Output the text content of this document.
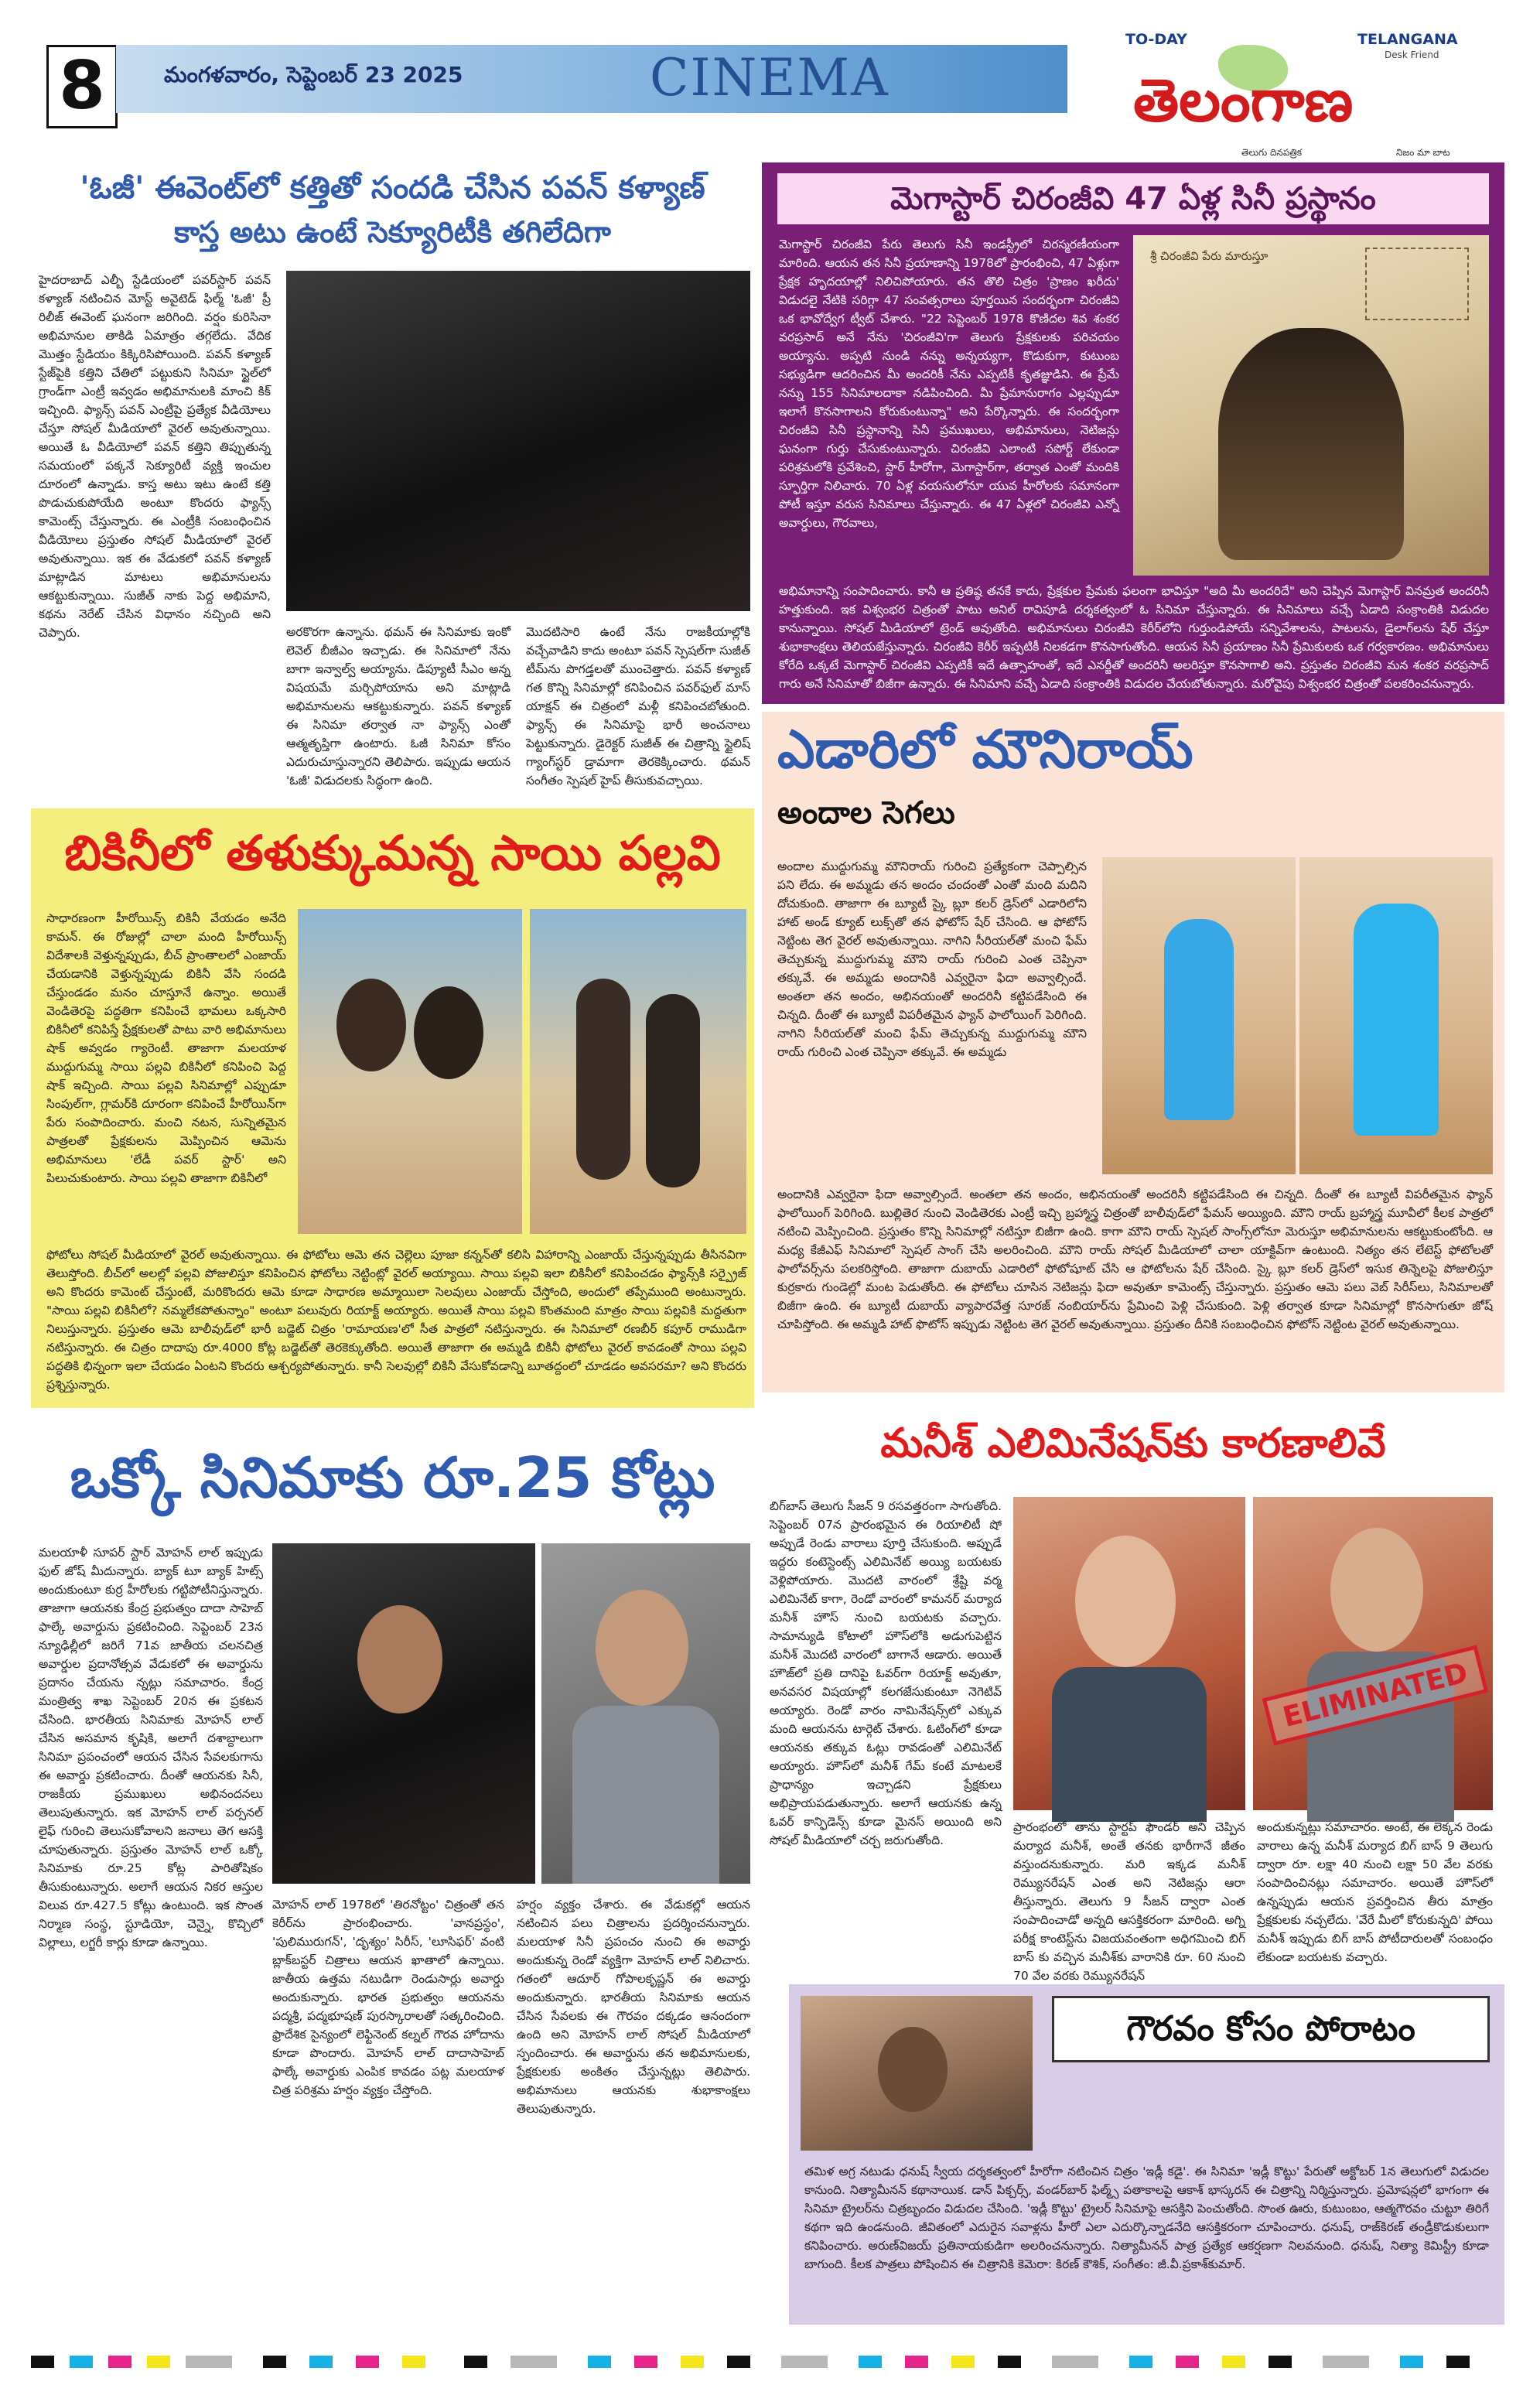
8	మంగళవారం, సెప్టెంబర్ 23 2025	CINEMA
TO-DAY	TELANGANA
Desk Friend
తెలంగాణ
తెలుగు దినపత్రిక	నిజం మా బాట
'ఓజీ' ఈవెంట్‌లో కత్తితో సందడి చేసిన పవన్ కళ్యాణ్
కాస్త అటు ఉంటే సెక్యూరిటీకి తగిలేదిగా
హైదరాబాద్ ఎల్బీ స్టేడియంలో పవర్‌స్టార్ పవన్ కళ్యాణ్ నటించిన మోస్ట్ అవైటెడ్ ఫిల్మ్ 'ఓజీ' ప్రీ రిలీజ్ ఈవెంట్ ఘనంగా జరిగింది. వర్షం కురిసినా అభిమానుల తాకిడి ఏమాత్రం తగ్గలేదు. వేదిక మొత్తం స్టేడియం కిక్కిరిసిపోయింది. పవన్ కళ్యాణ్ స్టేజ్‌పైకి కత్తిని చేతిలో పట్టుకుని సినిమా స్టైల్‌లో గ్రాండ్‌గా ఎంట్రీ ఇవ్వడం అభిమానులకి మాంచి కిక్ ఇచ్చింది. ఫ్యాన్స్ పవన్ ఎంట్రీపై ప్రత్యేక వీడియోలు చేస్తూ సోషల్ మీడియాలో వైరల్ అవుతున్నాయి. అయితే ఓ వీడియోలో పవన్ కత్తిని తిప్పుతున్న సమయంలో పక్కనే సెక్యూరిటీ వ్యక్తి ఇంచుల దూరంలో ఉన్నాడు. కాస్త అటు ఇటు ఉంటే కత్తి పొడుచుకుపోయేది అంటూ కొందరు ఫ్యాన్స్ కామెంట్స్ చేస్తున్నారు. ఈ ఎంట్రీకి సంబంధించిన వీడియోలు ప్రస్తుతం సోషల్ మీడియాలో వైరల్ అవుతున్నాయి. ఇక ఈ వేడుకలో పవన్ కళ్యాణ్ మాట్లాడిన మాటలు అభిమానులను ఆకట్టుకున్నాయి. సుజీత్ నాకు పెద్ద అభిమాని, కథను నెరేట్ చేసిన విధానం నచ్చింది అని చెప్పారు.	అరకొరగా ఉన్నాను. థమన్ ఈ సినిమాకు ఇంకో లెవెల్ బీజీఎం ఇచ్చాడు. ఈ సినిమాలో నేను బాగా ఇన్వాల్వ్ అయ్యాను. డిప్యూటీ సీఎం అన్న విషయమే మర్చిపోయాను అని మాట్లాడి అభిమానులను ఆకట్టుకున్నారు. పవన్ కళ్యాణ్ ఈ సినిమా తర్వాత నా ఫ్యాన్స్ ఎంతో ఆత్మతృప్తిగా ఉంటారు. ఓజీ సినిమా కోసం ఎదురుచూస్తున్నారని తెలిపారు. ఇప్పుడు ఆయన 'ఓజీ' విడుదలకు సిద్ధంగా ఉంది.
మొదటిసారి ఉంటే నేను రాజకీయాల్లోకి వచ్చేవాడిని కాదు అంటూ పవన్ స్పెషల్‌గా సుజీత్ టీమ్‌ను పొగడ్తలతో ముంచెత్తారు. పవన్ కళ్యాణ్ గత కొన్ని సినిమాల్లో కనిపించిన పవర్‌ఫుల్ మాస్ యాక్షన్ ఈ చిత్రంలో మళ్లీ కనిపించబోతుంది. ఫ్యాన్స్ ఈ సినిమాపై భారీ అంచనాలు పెట్టుకున్నారు. డైరెక్టర్ సుజీత్ ఈ చిత్రాన్ని స్టైలిష్ గ్యాంగ్‌స్టర్ డ్రామాగా తెరకెక్కించారు. థమన్ సంగీతం స్పెషల్ హైప్ తీసుకువచ్చాయి.
మెగాస్టార్ చిరంజీవి 47 ఏళ్ల సినీ ప్రస్థానం
మెగాస్టార్ చిరంజీవి పేరు తెలుగు సినీ ఇండస్ట్రీలో చిరస్మరణీయంగా మారింది. ఆయన తన సినీ ప్రయాణాన్ని 1978లో ప్రారంభించి, 47 ఏళ్లుగా ప్రేక్షక హృదయాల్లో నిలిచిపోయారు. తన తొలి చిత్రం 'ప్రాణం ఖరీదు' విడుదలై నేటికి సరిగ్గా 47 సంవత్సరాలు పూర్తయిన సందర్భంగా చిరంజీవి ఒక భావోద్వేగ ట్వీట్ చేశారు. "22 సెప్టెంబర్ 1978 కొణిదల శివ శంకర వరప్రసాద్ అనే నేను 'చిరంజీవి'గా తెలుగు ప్రేక్షకులకు పరిచయం అయ్యాను. అప్పటి నుండి నన్ను అన్నయ్యగా, కొడుకుగా, కుటుంబ సభ్యుడిగా ఆదరించిన మీ అందరికీ నేను ఎప్పటికీ కృతజ్ఞుడిని. ఈ ప్రేమే నన్ను 155 సినిమాలదాకా నడిపించింది. మీ ప్రేమానురాగం ఎల్లప్పుడూ ఇలాగే కొనసాగాలని కోరుకుంటున్నా" అని పేర్కొన్నారు. ఈ సందర్భంగా చిరంజీవి సినీ ప్రస్థానాన్ని సినీ ప్రముఖులు, అభిమానులు, నెటిజన్లు ఘనంగా గుర్తు చేసుకుంటున్నారు. చిరంజీవి ఎలాంటి సపోర్ట్ లేకుండా పరిశ్రమలోకి ప్రవేశించి, స్టార్ హీరోగా, మెగాస్టార్‌గా, తర్వాత ఎంతో మందికి స్ఫూర్తిగా నిలిచారు. 70 ఏళ్ల వయసులోనూ యువ హీరోలకు సమానంగా పోటీ ఇస్తూ వరుస సినిమాలు చేస్తున్నారు. ఈ 47 ఏళ్లలో చిరంజీవి ఎన్నో అవార్డులు, గౌరవాలు,
శ్రీ చిరంజీవి పేరు మారుస్తూ
అభిమానాన్ని సంపాదించారు. కానీ ఆ ప్రతిష్ఠ తనకే కాదు, ప్రేక్షకుల ప్రేమకు ఫలంగా భావిస్తూ "అది మీ అందరిదే" అని చెప్పిన మెగాస్టార్ వినమ్రత అందరినీ హత్తుకుంది. ఇక విశ్వంభర చిత్రంతో పాటు అనిల్ రావిపూడి దర్శకత్వంలో ఓ సినిమా చేస్తున్నారు. ఈ సినిమాలు వచ్చే ఏడాది సంక్రాంతికి విడుదల కానున్నాయి. సోషల్ మీడియాలో ట్రెండ్ అవుతోంది. అభిమానులు చిరంజీవి కెరీర్‌లోని గుర్తుండిపోయే సన్నివేశాలను, పాటలను, డైలాగ్‌లను షేర్ చేస్తూ శుభాకాంక్షలు తెలియజేస్తున్నారు. చిరంజీవి కెరీర్ ఇప్పటికీ నిలకడగా కొనసాగుతోంది. ఆయన సినీ ప్రయాణం సినీ ప్రేమికులకు ఒక గర్వకారణం. అభిమానులు కోరేది ఒక్కటే మెగాస్టార్ చిరంజీవి ఎప్పటికీ ఇదే ఉత్సాహంతో, ఇదే ఎనర్జీతో అందరినీ అలరిస్తూ కొనసాగాలి అని. ప్రస్తుతం చిరంజీవి మన శంకర వరప్రసాద్ గారు అనే సినిమాతో బిజీగా ఉన్నారు. ఈ సినిమాని వచ్చే ఏడాది సంక్రాంతికి విడుదల చేయబోతున్నారు. మరోవైపు విశ్వంభర చిత్రంతో పలకరించనున్నారు.
ఎడారిలో మౌనిరాయ్
అందాల సెగలు
అందాల ముద్దుగుమ్మ మౌనిరాయ్ గురించి ప్రత్యేకంగా చెప్పాల్సిన పని లేదు. ఈ అమ్మడు తన అందం చందంతో ఎంతో మంది మదిని దోచుకుంది. తాజాగా ఈ బ్యూటీ స్కై బ్లూ కలర్ డ్రెస్‌లో ఎడారిలోని హాట్ అండ్ క్యూట్ లుక్స్‌తో తన ఫోటోస్ షేర్ చేసింది. ఆ ఫోటోస్ నెట్టింట తెగ వైరల్ అవుతున్నాయి. నాగిని సీరియల్‌తో మంచి ఫేమ్ తెచ్చుకున్న ముద్దుగుమ్మ మౌని రాయ్ గురించి ఎంత చెప్పినా తక్కువే. ఈ అమ్మడు అందానికి ఎవ్వరైనా ఫిదా అవ్వాల్సిందే. అంతలా తన అందం, అభినయంతో అందరినీ కట్టిపడేసింది ఈ చిన్నది. దీంతో ఈ బ్యూటీ విపరీతమైన ఫ్యాన్ ఫాలోయింగ్ పెరిగింది. నాగిని సీరియల్‌తో మంచి ఫేమ్ తెచ్చుకున్న ముద్దుగుమ్మ మౌని రాయ్ గురించి ఎంత చెప్పినా తక్కువే. ఈ అమ్మడు
అందానికి ఎవ్వరైనా ఫిదా అవ్వాల్సిందే. అంతలా తన అందం, అభినయంతో అందరినీ కట్టిపడేసింది ఈ చిన్నది. దీంతో ఈ బ్యూటీ విపరీతమైన ఫ్యాన్ ఫాలోయింగ్ పెరిగింది. బుల్లితెర నుంచి వెండితెరకు ఎంట్రీ ఇచ్చి బ్రహ్మాస్త్ర చిత్రంతో బాలీవుడ్‌లో ఫేమస్ అయ్యింది. మౌని రాయ్ బ్రహ్మాస్త్ర మూవీలో కీలక పాత్రలో నటించి మెప్పించింది. ప్రస్తుతం కొన్ని సినిమాల్లో నటిస్తూ బిజీగా ఉంది. కాగా మౌని రాయ్ స్పెషల్ సాంగ్స్‌లోనూ మెరుస్తూ అభిమానులను ఆకట్టుకుంటోంది. ఆ మధ్య కేజీఎఫ్ సినిమాలో స్పెషల్ సాంగ్ చేసి అలరించింది. మౌని రాయ్ సోషల్ మీడియాలో చాలా యాక్టివ్‌గా ఉంటుంది. నిత్యం తన లేటెస్ట్ ఫోటోలతో ఫాలోవర్స్‌ను పలకరిస్తోంది. తాజాగా దుబాయ్ ఎడారిలో ఫోటోషూట్ చేసి ఆ ఫోటోలను షేర్ చేసింది. స్కై బ్లూ కలర్ డ్రెస్‌లో ఇసుక తిన్నెలపై పోజులిస్తూ కుర్రకారు గుండెల్లో మంట పెడుతోంది. ఈ ఫోటోలు చూసిన నెటిజన్లు ఫిదా అవుతూ కామెంట్స్ చేస్తున్నారు. ప్రస్తుతం ఆమె పలు వెబ్ సిరీస్‌లు, సినిమాలతో బిజీగా ఉంది. ఈ బ్యూటీ దుబాయ్ వ్యాపారవేత్త సూరజ్ నంబియార్‌ను ప్రేమించి పెళ్లి చేసుకుంది. పెళ్లి తర్వాత కూడా సినిమాల్లో కొనసాగుతూ జోష్ చూపిస్తోంది. ఈ అమ్మడి హాట్ ఫొటోస్ ఇప్పుడు నెట్టింట తెగ వైరల్ అవుతున్నాయి. ప్రస్తుతం దీనికి సంబంధించిన ఫోటోస్ నెట్టింట వైరల్ అవుతున్నాయి.
బికినీలో తళుక్కుమన్న సాయి పల్లవి
సాధారణంగా హీరోయిన్స్ బికినీ వేయడం అనేది కామన్. ఈ రోజుల్లో చాలా మంది హీరోయిన్స్ విదేశాలకి వెళ్తున్నప్పుడు, బీచ్ ప్రాంతాలలో ఎంజాయ్ చేయడానికి వెళ్తున్నప్పుడు బికినీ వేసి సందడి చేస్తుండడం మనం చూస్తూనే ఉన్నాం. అయితే వెండితెరపై పద్ధతిగా కనిపించే భామలు ఒక్కసారి బికినీలో కనిపిస్తే ప్రేక్షకులతో పాటు వారి అభిమానులు షాక్ అవ్వడం గ్యారెంటీ. తాజాగా మలయాళ ముద్దుగుమ్మ సాయి పల్లవి బికినీలో కనిపించి పెద్ద షాక్ ఇచ్చింది. సాయి పల్లవి సినిమాల్లో ఎప్పుడూ సింపుల్‌గా, గ్లామర్‌కి దూరంగా కనిపించే హీరోయిన్‌గా పేరు సంపాదించారు. మంచి నటన, సున్నితమైన పాత్రలతో ప్రేక్షకులను మెప్పించిన ఆమెను అభిమానులు 'లేడీ పవర్ స్టార్' అని పిలుచుకుంటారు. సాయి పల్లవి తాజాగా బికినీలో
ఫోటోలు సోషల్ మీడియాలో వైరల్ అవుతున్నాయి. ఈ ఫోటోలు ఆమె తన చెల్లెలు పూజా కన్నన్‌తో కలిసి విహారాన్ని ఎంజాయ్ చేస్తున్నప్పుడు తీసినవిగా తెలుస్తోంది. బీచ్‌లో అలల్లో పల్లవి పోజులిస్తూ కనిపించిన ఫోటోలు నెట్టింట్లో వైరల్ అయ్యాయి. సాయి పల్లవి ఇలా బికినీలో కనిపించడం ఫ్యాన్స్‌కి సర్ప్రైజ్ అని కొందరు కామెంట్ చేస్తుంటే, మరికొందరు ఆమె కూడా సాధారణ అమ్మాయిలా సెలవులు ఎంజాయ్ చేస్తోంది, అందులో తప్పేముంది అంటున్నారు. "సాయి పల్లవి బికినీలో? నమ్మలేకపోతున్నాం" అంటూ పలువురు రియాక్ట్ అయ్యారు. అయితే సాయి పల్లవి కొంతమంది మాత్రం సాయి పల్లవికి మద్దతుగా నిలుస్తున్నారు. ప్రస్తుతం ఆమె బాలీవుడ్‌లో భారీ బడ్జెట్ చిత్రం 'రామాయణ'లో సీత పాత్రలో నటిస్తున్నారు. ఈ సినిమాలో రణబీర్ కపూర్ రాముడిగా నటిస్తున్నారు. ఈ చిత్రం దాదాపు రూ.4000 కోట్ల బడ్జెట్‌తో తెరకెక్కుతోంది. అయితే తాజాగా ఈ అమ్మడి బికినీ ఫోటోలు వైరల్ కావడంతో సాయి పల్లవి పద్ధతికి భిన్నంగా ఇలా చేయడం ఏంటని కొందరు ఆశ్చర్యపోతున్నారు. కానీ సెలవుల్లో బికినీ వేసుకోవడాన్ని బూతద్దంలో చూడడం అవసరమా? అని కొందరు ప్రశ్నిస్తున్నారు.
మనీశ్ ఎలిమినేషన్‌కు కారణాలివే
బిగ్‌బాస్ తెలుగు సీజన్ 9 రసవత్తరంగా సాగుతోంది. సెప్టెంబర్ 07న ప్రారంభమైన ఈ రియాలిటీ షో అప్పుడే రెండు వారాలు పూర్తి చేసుకుంది. అప్పుడే ఇద్దరు కంటెస్టెంట్స్ ఎలిమినేట్ అయ్యి బయటకు వెళ్లిపోయారు. మొదటి వారంలో శ్రేష్టి వర్మ ఎలిమినేట్ కాగా, రెండో వారంలో కామనర్ మర్యాద మనీశ్ హౌస్ నుంచి బయటకు వచ్చారు. సామాన్యుడి కోటాలో హౌస్‌లోకి అడుగుపెట్టిన మనీశ్ మొదటి వారంలో బాగానే ఆడారు. అయితే హౌజ్‌లో ప్రతి దానిపై ఓవర్‌గా రియాక్ట్ అవుతూ, అనవసర విషయాల్లో కలగజేసుకుంటూ నెగెటివ్ అయ్యారు. రెండో వారం నామినేషన్స్‌లో ఎక్కువ మంది ఆయనను టార్గెట్ చేశారు. ఓటింగ్‌లో కూడా ఆయనకు తక్కువ ఓట్లు రావడంతో ఎలిమినేట్ అయ్యారు. హౌస్‌లో మనీశ్ గేమ్ కంటే మాటలకే ప్రాధాన్యం ఇచ్చాడని ప్రేక్షకులు అభిప్రాయపడుతున్నారు. అలాగే ఆయనకు ఉన్న ఓవర్ కాన్ఫిడెన్స్ కూడా మైనస్ అయింది అని సోషల్ మీడియాలో చర్చ జరుగుతోంది.
ELIMINATED
ప్రారంభంలో తాను స్టార్టప్ ఫౌండర్ అని చెప్పిన మర్యాద మనీశ్, అంతే తనకు భారీగానే జీతం వస్తుందనుకున్నారు. మరి ఇక్కడ మనీశ్ రెమ్యునరేషన్ ఎంత అని నెటిజన్లు ఆరా తీస్తున్నారు. తెలుగు 9 సీజన్ ద్వారా ఎంత సంపాదించాడో అన్నది ఆసక్తికరంగా మారింది. అగ్ని పరీక్ష కాంటెస్ట్‌ను విజయవంతంగా అధిగమించి బిగ్ బాస్ కు వచ్చిన మనీశ్‌కు వారానికి రూ. 60 నుంచి 70 వేల వరకు రెమ్యునరేషన్
అందుకున్నట్లు సమాచారం. అంటే, ఈ లెక్కన రెండు వారాలు ఉన్న మనీశ్ మర్యాద బిగ్ బాస్ 9 తెలుగు ద్వారా రూ. లక్షా 40 నుంచి లక్షా 50 వేల వరకు సంపాదించినట్లు సమాచారం. అయితే హౌస్‌లో ఉన్నప్పుడు ఆయన ప్రవర్తించిన తీరు మాత్రం ప్రేక్షకులకు నచ్చలేదు. 'వేరే మీలో కోరుకున్నది' పోయి మనీశ్ ఇప్పుడు బిగ్ బాస్ పోటీదారులతో సంబంధం లేకుండా బయటకు వచ్చారు.
ఒక్కో సినిమాకు రూ.25 కోట్లు
మలయాళీ సూపర్ స్టార్ మోహన్ లాల్ ఇప్పుడు ఫుల్ జోష్ మీదున్నారు. బ్యాక్ టూ బ్యాక్ హిట్స్ అందుకుంటూ కుర్ర హీరోలకు గట్టిపోటీనిస్తున్నారు. తాజాగా ఆయనకు కేంద్ర ప్రభుత్వం దాదా సాహెబ్ ఫాల్కే అవార్డును ప్రకటించింది. సెప్టెంబర్ 23న న్యూఢిల్లీలో జరిగే 71వ జాతీయ చలనచిత్ర అవార్డుల ప్రదానోత్సవ వేడుకలో ఈ అవార్డును ప్రదానం చేయను న్నట్లు సమాచారం. కేంద్ర మంత్రిత్వ శాఖ సెప్టెంబర్ 20న ఈ ప్రకటన చేసింది. భారతీయ సినిమాకు మోహన్ లాల్ చేసిన అసమాన కృషికి, అలాగే దశాబ్దాలుగా సినిమా ప్రపంచంలో ఆయన చేసిన సేవలకుగాను ఈ అవార్డు ప్రకటించారు. దీంతో ఆయనకు సినీ, రాజకీయ ప్రముఖులు అభినందనలు తెలుపుతున్నారు. ఇక మోహన్ లాల్ పర్సనల్ లైఫ్ గురించి తెలుసుకోవాలని జనాలు తెగ ఆసక్తి చూపుతున్నారు. ప్రస్తుతం మోహన్ లాల్ ఒక్కో సినిమాకు రూ.25 కోట్ల పారితోషికం తీసుకుంటున్నారు. అలాగే ఆయన నికర ఆస్తుల విలువ రూ.427.5 కోట్లు ఉంటుంది. ఇక సొంత నిర్మాణ సంస్థ, స్టూడియో, చెన్నై, కొచ్చిలో విల్లాలు, లగ్జరీ కార్లు కూడా ఉన్నాయి.
మోహన్ లాల్ 1978లో 'తిరనోట్టం' చిత్రంతో తన కెరీర్‌ను ప్రారంభించారు. 'వానప్రస్థం', 'పులిమురుగన్', 'దృశ్యం' సిరీస్, 'లూసిఫర్' వంటి బ్లాక్‌బస్టర్ చిత్రాలు ఆయన ఖాతాలో ఉన్నాయి. జాతీయ ఉత్తమ నటుడిగా రెండుసార్లు అవార్డు అందుకున్నారు. భారత ప్రభుత్వం ఆయనను పద్మశ్రీ, పద్మభూషణ్ పురస్కారాలతో సత్కరించింది. ఫ్రాదేశిక సైన్యంలో లెఫ్టినెంట్ కల్నల్ గౌరవ హోదాను కూడా పొందారు. మోహన్ లాల్ దాదాసాహెబ్ ఫాల్కే అవార్డుకు ఎంపిక కావడం పట్ల మలయాళ చిత్ర పరిశ్రమ హర్షం వ్యక్తం చేస్తోంది.
హర్షం వ్యక్తం చేశారు. ఈ వేడుకల్లో ఆయన నటించిన పలు చిత్రాలను ప్రదర్శించనున్నారు. మలయాళ సినీ ప్రపంచం నుంచి ఈ అవార్డు అందుకున్న రెండో వ్యక్తిగా మోహన్ లాల్ నిలిచారు. గతంలో ఆదూర్ గోపాలకృష్ణన్ ఈ అవార్డు అందుకున్నారు. భారతీయ సినిమాకు ఆయన చేసిన సేవలకు ఈ గౌరవం దక్కడం ఆనందంగా ఉంది అని మోహన్ లాల్ సోషల్ మీడియాలో స్పందించారు. ఈ అవార్డును తన అభిమానులకు, ప్రేక్షకులకు అంకితం చేస్తున్నట్లు తెలిపారు. అభిమానులు ఆయనకు శుభాకాంక్షలు తెలుపుతున్నారు.
గౌరవం కోసం పోరాటం
తమిళ అగ్ర నటుడు ధనుష్ స్వీయ దర్శకత్వంలో హీరోగా నటించిన చిత్రం 'ఇడ్లీ కడై'. ఈ సినిమా 'ఇడ్లీ కొట్టు' పేరుతో అక్టోబర్ 1న తెలుగులో విడుదల కానుంది. నిత్యామీనన్ కథానాయిక. డాన్ పిక్చర్స్, వండర్‌బార్ ఫిల్మ్స్ పతాకాలపై ఆకాశ్ భాస్కరన్ ఈ చిత్రాన్ని నిర్మిస్తున్నారు. ప్రమోషన్లలో భాగంగా ఈ సినిమా ట్రైలర్‌ను చిత్రబృందం విడుదల చేసింది. 'ఇడ్లీ కొట్టు' ట్రైలర్ సినిమాపై ఆసక్తిని పెంచుతోంది. సొంత ఊరు, కుటుంబం, ఆత్మగౌరవం చుట్టూ తిరిగే కథగా ఇది ఉండనుంది. జీవితంలో ఎదురైన సవాళ్లను హీరో ఎలా ఎదుర్కొన్నాడనేది ఆసక్తికరంగా చూపించారు. ధనుష్, రాజ్‌కిరణ్ తండ్రీకొడుకులుగా కనిపించారు. అరుణ్‌విజయ్ ప్రతినాయకుడిగా అలరించనున్నారు. నిత్యామీనన్ పాత్ర ప్రత్యేక ఆకర్షణగా నిలవనుంది. ధనుష్, నిత్యా కెమిస్ట్రీ కూడా బాగుంది. కీలక పాత్రలు పోషించిన ఈ చిత్రానికి కెమెరా: కిరణ్ కౌశిక్, సంగీతం: జీ.వీ.ప్రకాశ్‌కుమార్.
